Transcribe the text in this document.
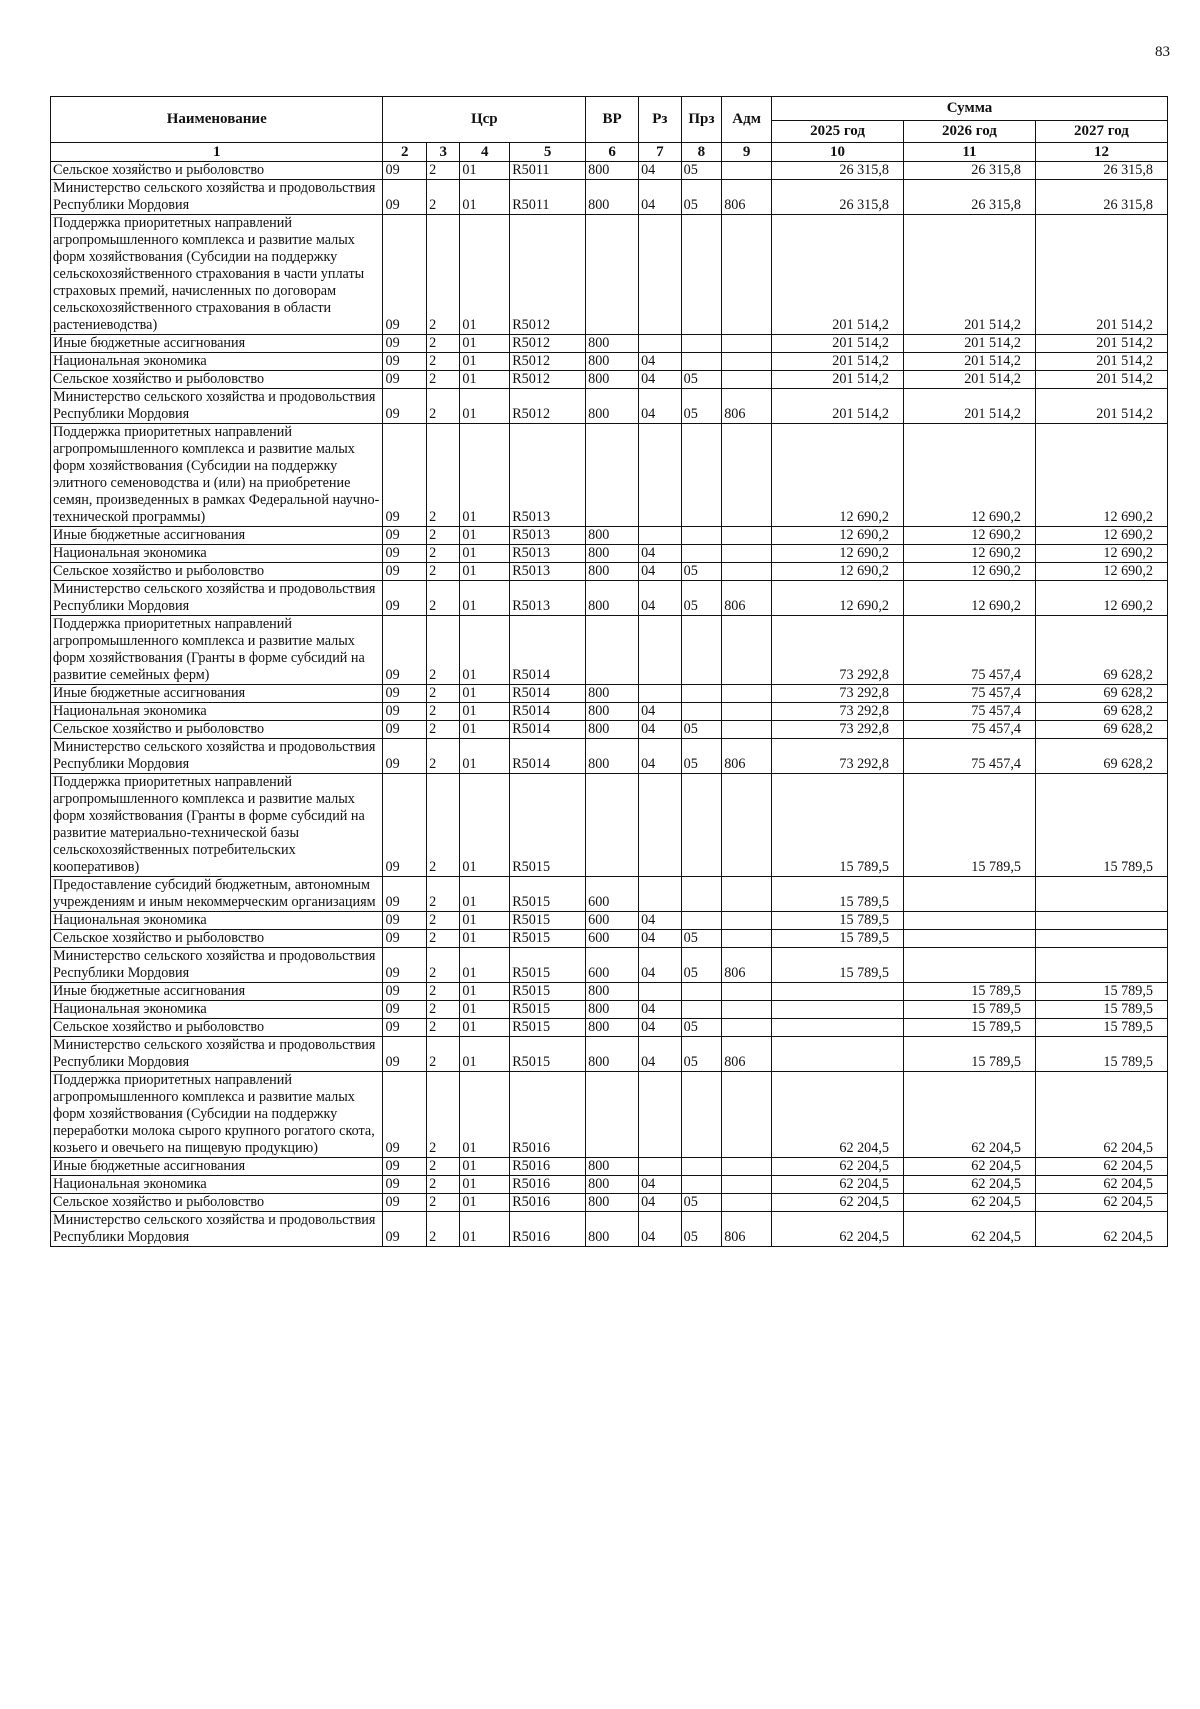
83
Наименование	Цср				ВР	Рз	Прз	Адм	Сумма		
									2025 год	2026 год	2027 год
1	2	3	4	5	6	7	8	9	10	11	12
Сельское хозяйство и рыболовство	09	2	01	R5011	800	04	05		26 315,8	26 315,8	26 315,8
Министерство сельского хозяйства и продовольствия Республики Мордовия	09	2	01	R5011	800	04	05	806	26 315,8	26 315,8	26 315,8
Поддержка приоритетных направлений агропромышленного комплекса и развитие малых форм хозяйствования (Субсидии на поддержку сельскохозяйственного страхования в части уплаты страховых премий, начисленных по договорам сельскохозяйственного страхования в области растениеводства)	09	2	01	R5012					201 514,2	201 514,2	201 514,2
Иные бюджетные ассигнования	09	2	01	R5012	800				201 514,2	201 514,2	201 514,2
Национальная экономика	09	2	01	R5012	800	04			201 514,2	201 514,2	201 514,2
Сельское хозяйство и рыболовство	09	2	01	R5012	800	04	05		201 514,2	201 514,2	201 514,2
Министерство сельского хозяйства и продовольствия Республики Мордовия	09	2	01	R5012	800	04	05	806	201 514,2	201 514,2	201 514,2
Поддержка приоритетных направлений агропромышленного комплекса и развитие малых форм хозяйствования (Субсидии на поддержку элитного семеноводства и (или) на приобретение семян, произведенных в рамках Федеральной научно-технической программы)	09	2	01	R5013					12 690,2	12 690,2	12 690,2
Иные бюджетные ассигнования	09	2	01	R5013	800				12 690,2	12 690,2	12 690,2
Национальная экономика	09	2	01	R5013	800	04			12 690,2	12 690,2	12 690,2
Сельское хозяйство и рыболовство	09	2	01	R5013	800	04	05		12 690,2	12 690,2	12 690,2
Министерство сельского хозяйства и продовольствия Республики Мордовия	09	2	01	R5013	800	04	05	806	12 690,2	12 690,2	12 690,2
Поддержка приоритетных направлений агропромышленного комплекса и развитие малых форм хозяйствования (Гранты в форме субсидий на развитие семейных ферм)	09	2	01	R5014					73 292,8	75 457,4	69 628,2
Иные бюджетные ассигнования	09	2	01	R5014	800				73 292,8	75 457,4	69 628,2
Национальная экономика	09	2	01	R5014	800	04			73 292,8	75 457,4	69 628,2
Сельское хозяйство и рыболовство	09	2	01	R5014	800	04	05		73 292,8	75 457,4	69 628,2
Министерство сельского хозяйства и продовольствия Республики Мордовия	09	2	01	R5014	800	04	05	806	73 292,8	75 457,4	69 628,2
Поддержка приоритетных направлений агропромышленного комплекса и развитие малых форм хозяйствования (Гранты в форме субсидий на развитие материально-технической базы сельскохозяйственных потребительских кооперативов)	09	2	01	R5015					15 789,5	15 789,5	15 789,5
Предоставление субсидий бюджетным, автономным учреждениям и иным некоммерческим организациям	09	2	01	R5015	600				15 789,5		
Национальная экономика	09	2	01	R5015	600	04			15 789,5		
Сельское хозяйство и рыболовство	09	2	01	R5015	600	04	05		15 789,5		
Министерство сельского хозяйства и продовольствия Республики Мордовия	09	2	01	R5015	600	04	05	806	15 789,5		
Иные бюджетные ассигнования	09	2	01	R5015	800					15 789,5	15 789,5
Национальная экономика	09	2	01	R5015	800	04				15 789,5	15 789,5
Сельское хозяйство и рыболовство	09	2	01	R5015	800	04	05			15 789,5	15 789,5
Министерство сельского хозяйства и продовольствия Республики Мордовия	09	2	01	R5015	800	04	05	806		15 789,5	15 789,5
Поддержка приоритетных направлений агропромышленного комплекса и развитие малых форм хозяйствования (Субсидии на поддержку переработки молока сырого крупного рогатого скота, козьего и овечьего на пищевую продукцию)	09	2	01	R5016					62 204,5	62 204,5	62 204,5
Иные бюджетные ассигнования	09	2	01	R5016	800				62 204,5	62 204,5	62 204,5
Национальная экономика	09	2	01	R5016	800	04			62 204,5	62 204,5	62 204,5
Сельское хозяйство и рыболовство	09	2	01	R5016	800	04	05		62 204,5	62 204,5	62 204,5
Министерство сельского хозяйства и продовольствия Республики Мордовия	09	2	01	R5016	800	04	05	806	62 204,5	62 204,5	62 204,5
